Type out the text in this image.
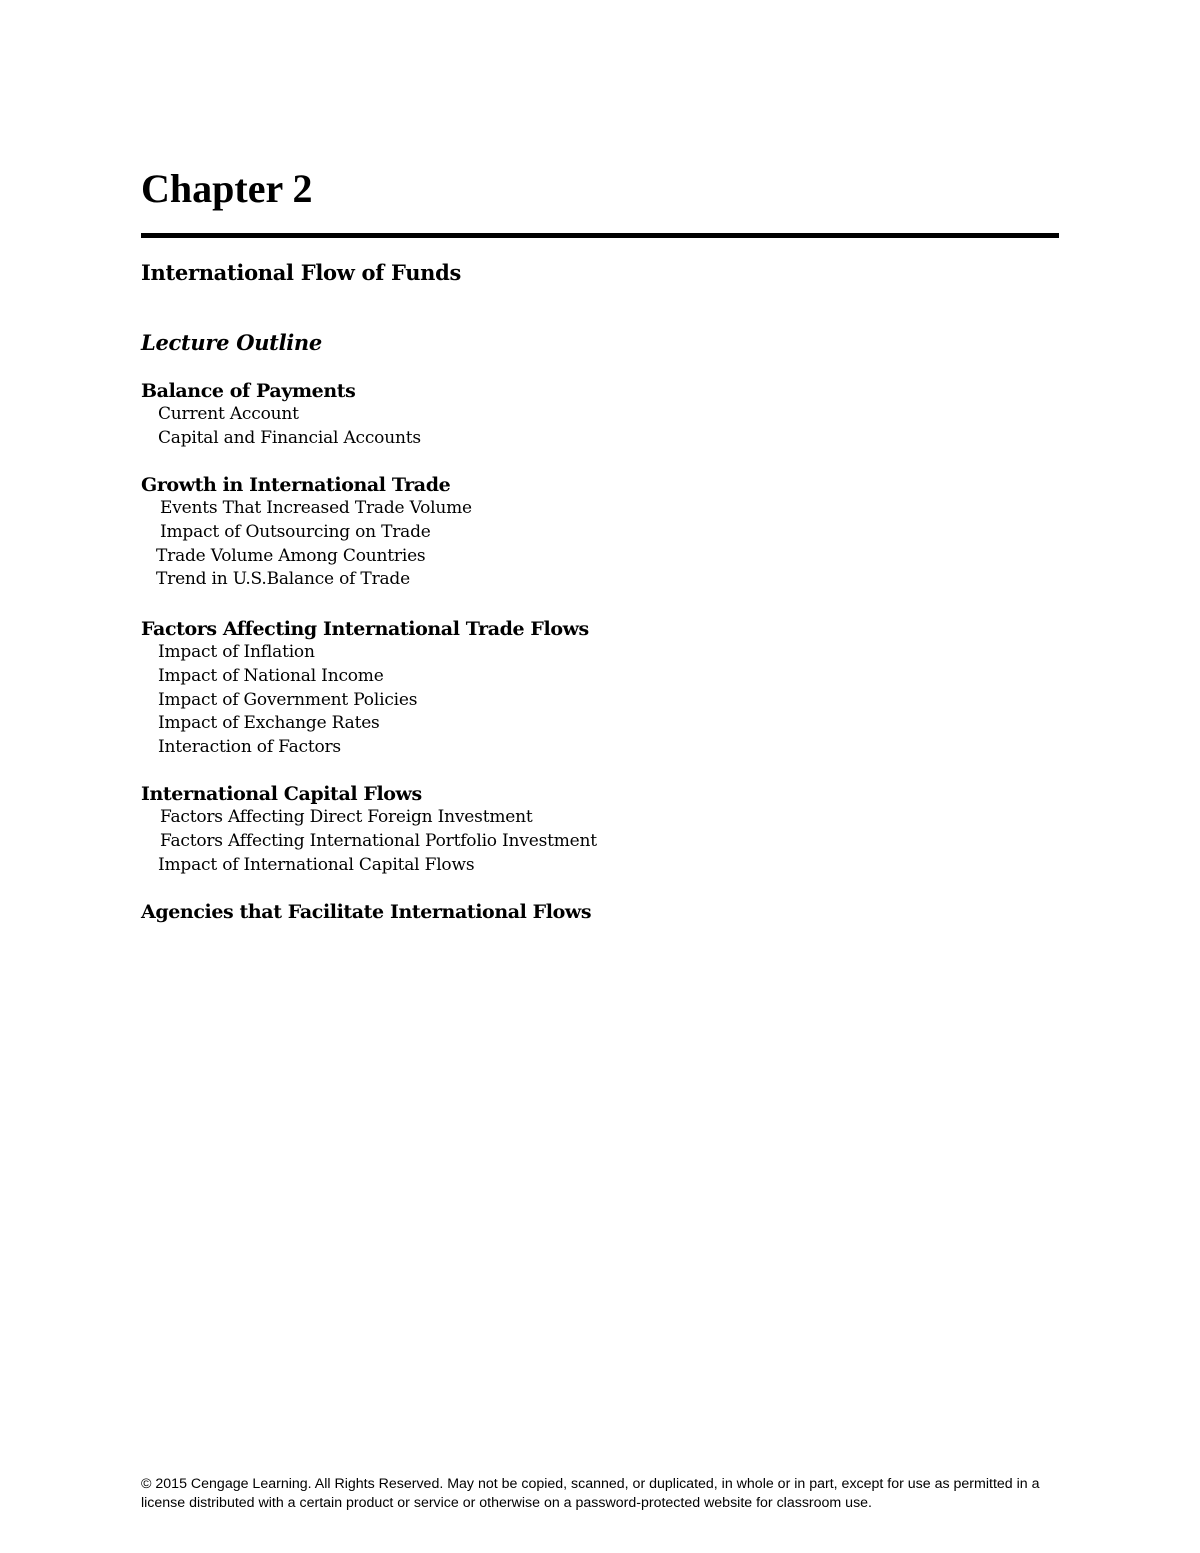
Chapter 2
International Flow of Funds
Lecture Outline
Balance of Payments
Current Account
Capital and Financial Accounts
Growth in International Trade
Events That Increased Trade Volume
Impact of Outsourcing on Trade
Trade Volume Among Countries
Trend in U.S.Balance of Trade
Factors Affecting International Trade Flows
Impact of Inflation
Impact of National Income
Impact of Government Policies
Impact of Exchange Rates
Interaction of Factors
International Capital Flows
Factors Affecting Direct Foreign Investment
Factors Affecting International Portfolio Investment
Impact of International Capital Flows
Agencies that Facilitate International Flows

© 2015 Cengage Learning. All Rights Reserved. May not be copied, scanned, or duplicated, in whole or in part, except for use as permitted in a license distributed with a certain product or service or otherwise on a password-protected website for classroom use.
